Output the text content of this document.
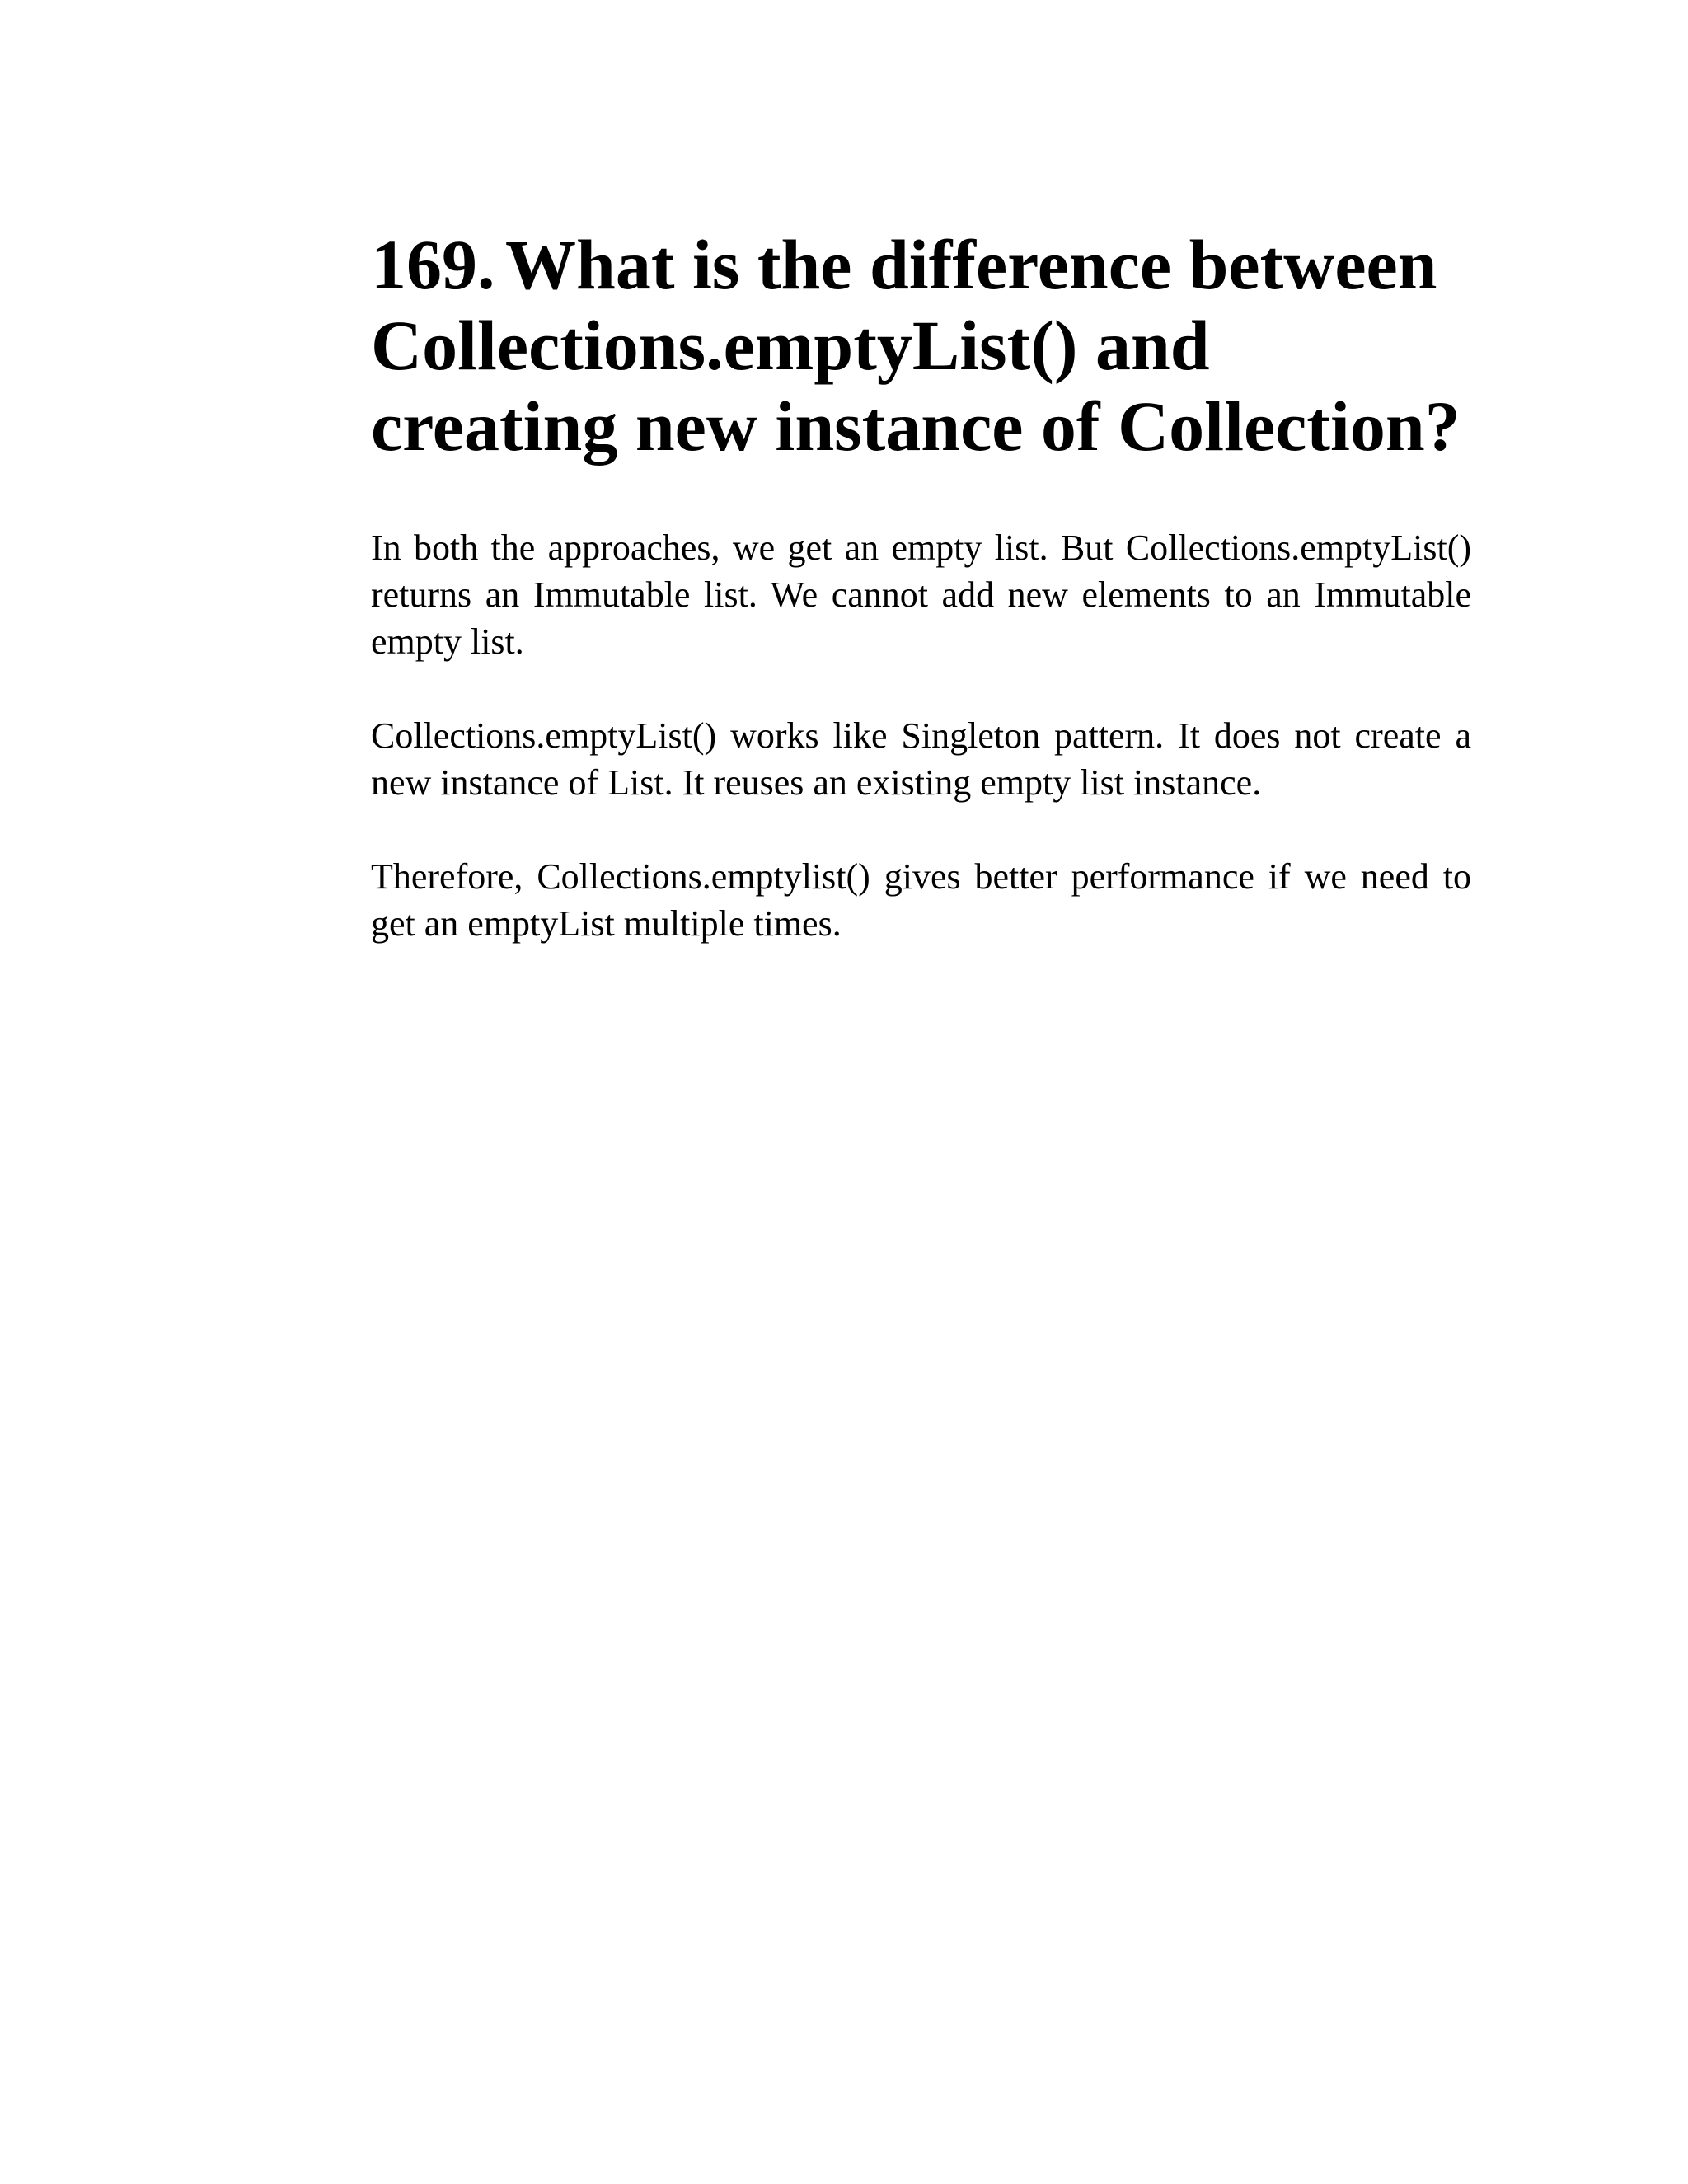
169. What is the difference between Collections.emptyList() and creating new instance of Collection?

In both the approaches, we get an empty list. But Collections.emptyList() returns an Immutable list. We cannot add new elements to an Immutable empty list.

Collections.emptyList() works like Singleton pattern. It does not create a new instance of List. It reuses an existing empty list instance.

Therefore, Collections.emptylist() gives better performance if we need to get an emptyList multiple times.
